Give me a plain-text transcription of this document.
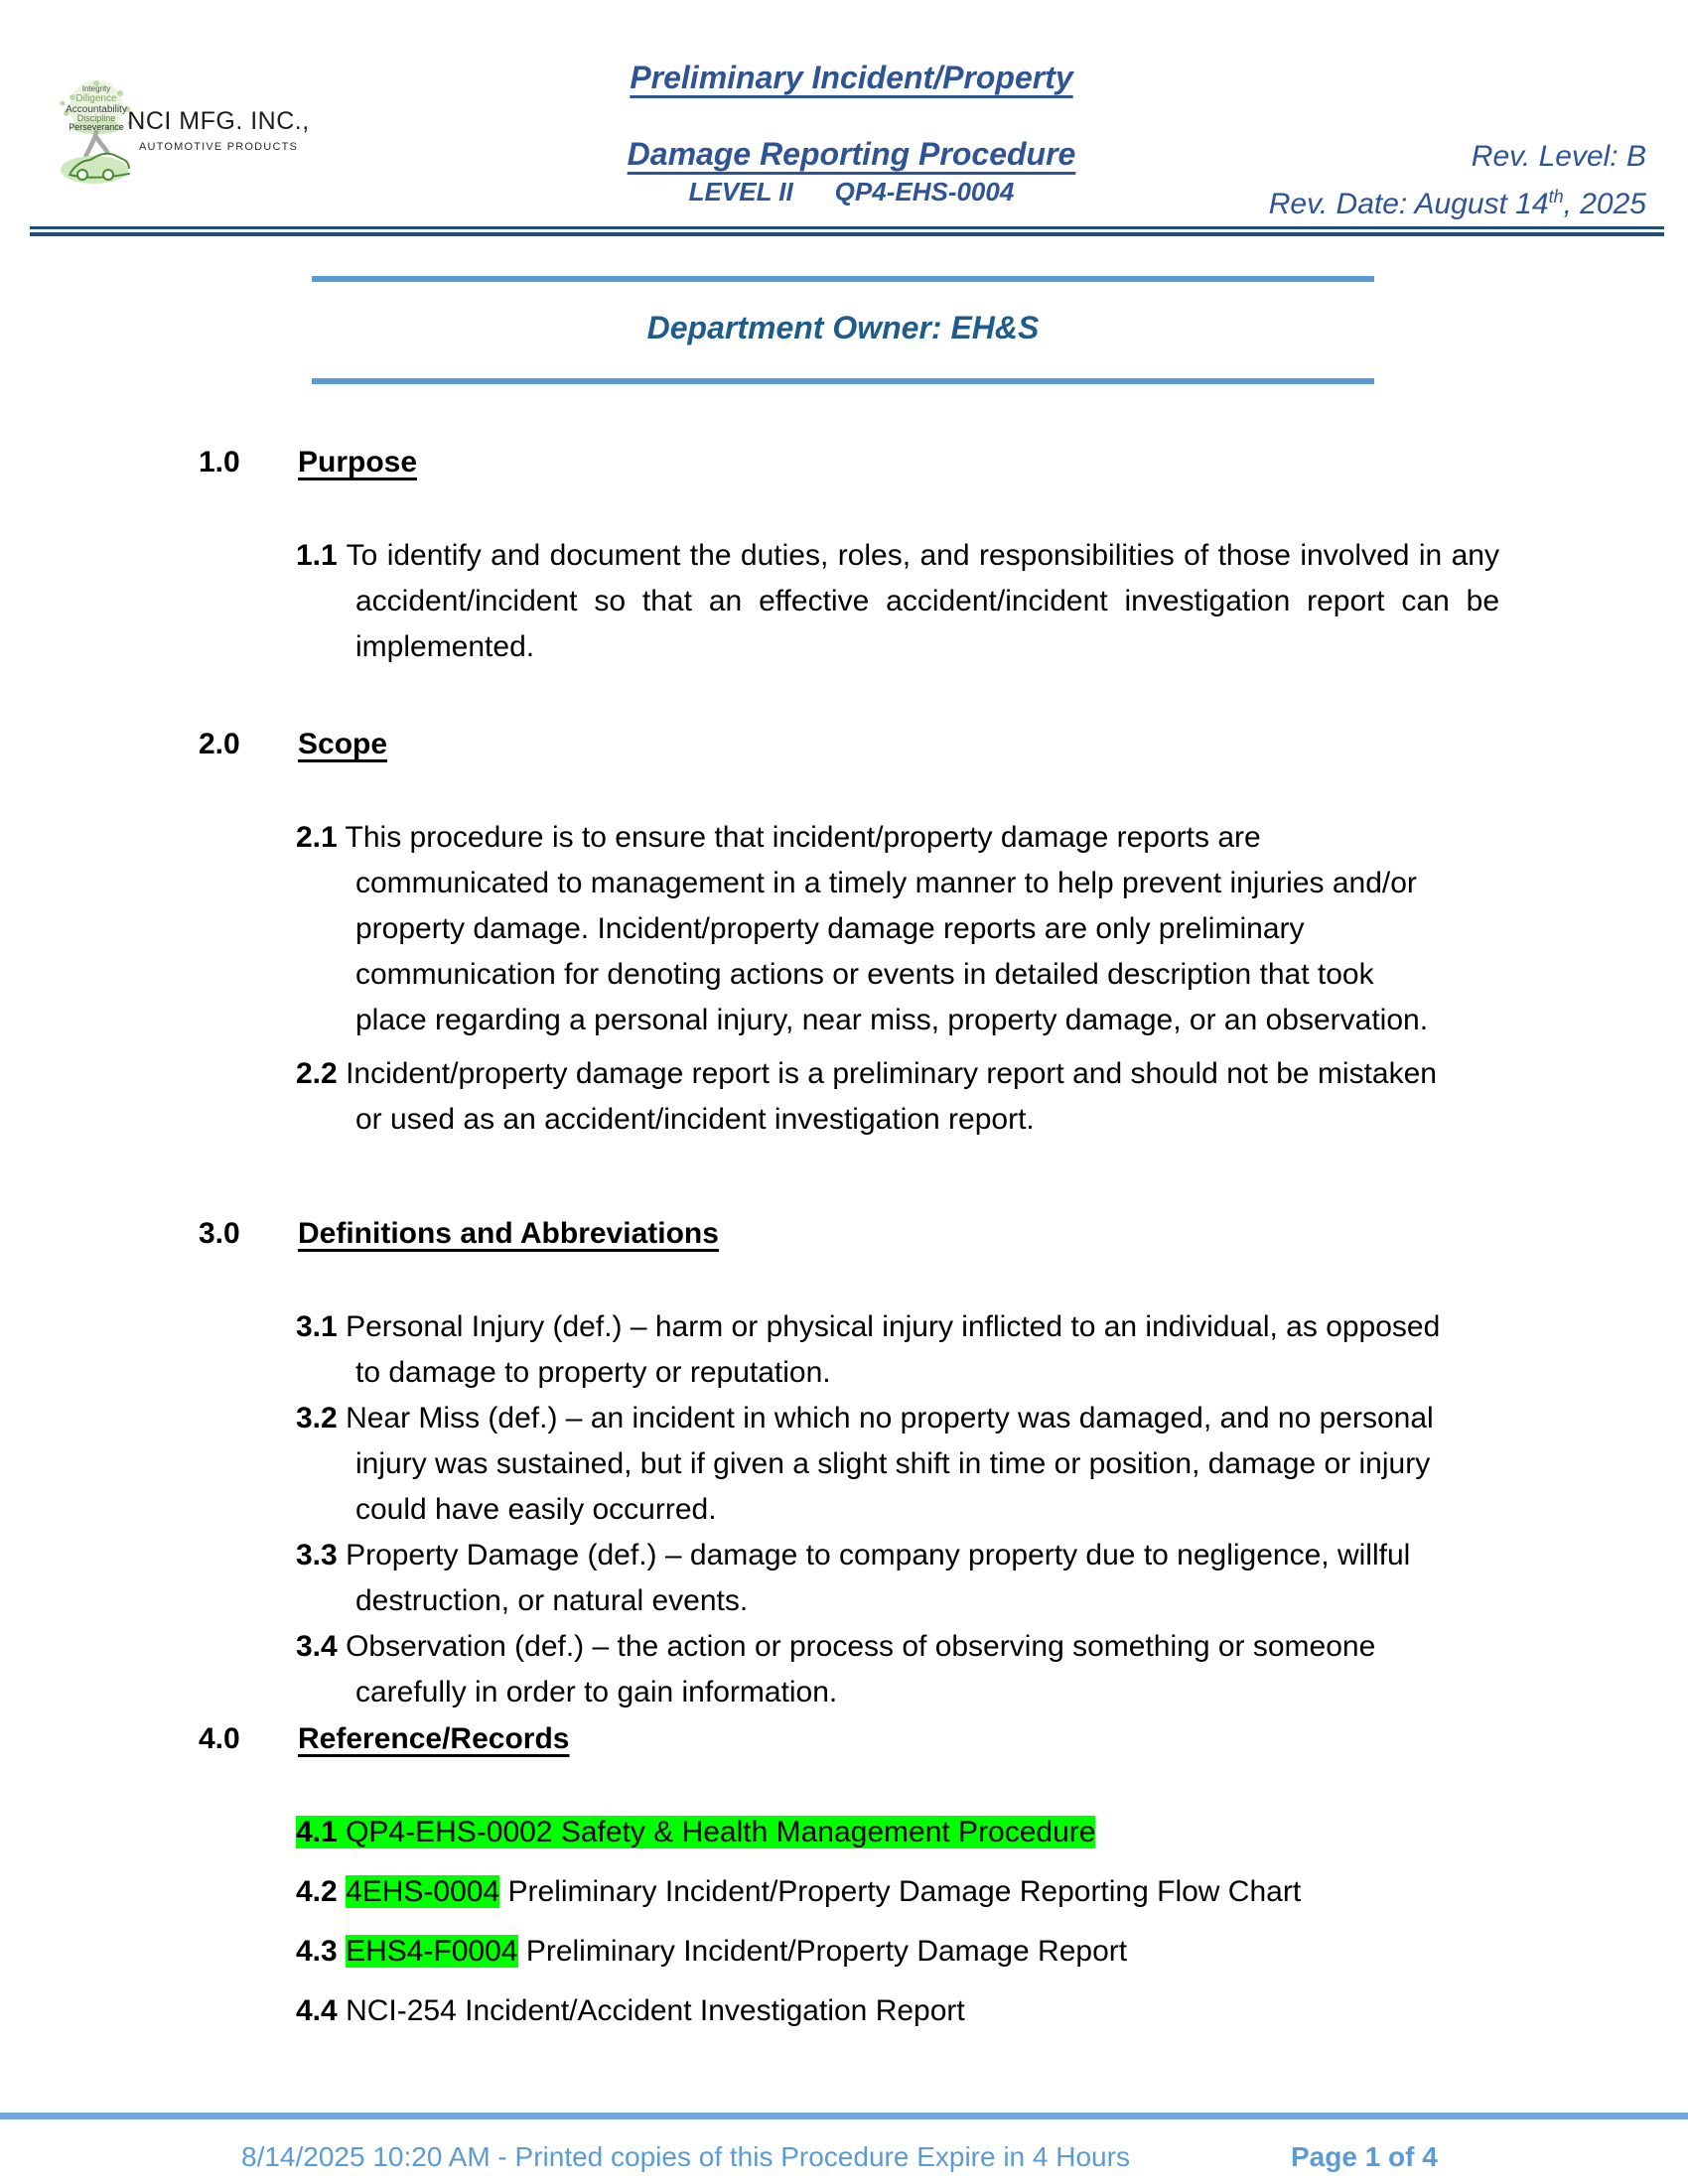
Integrity
Diligence
Accountability
Discipline
Perseverance NCI MFG. INC.,
AUTOMOTIVE PRODUCTS
Preliminary Incident/Property
Damage Reporting Procedure
LEVEL II QP4-EHS-0004
Rev. Level: B
Rev. Date: August 14th, 2025
Department Owner: EH&S
1.0 Purpose
1.1 To identify and document the duties, roles, and responsibilities of those involved in any accident/incident so that an effective accident/incident investigation report can be implemented.
2.0 Scope
2.1 This procedure is to ensure that incident/property damage reports are communicated to management in a timely manner to help prevent injuries and/or property damage. Incident/property damage reports are only preliminary communication for denoting actions or events in detailed description that took place regarding a personal injury, near miss, property damage, or an observation.
2.2 Incident/property damage report is a preliminary report and should not be mistaken or used as an accident/incident investigation report.
3.0 Definitions and Abbreviations
3.1 Personal Injury (def.) – harm or physical injury inflicted to an individual, as opposed to damage to property or reputation.
3.2 Near Miss (def.) – an incident in which no property was damaged, and no personal injury was sustained, but if given a slight shift in time or position, damage or injury could have easily occurred.
3.3 Property Damage (def.) – damage to company property due to negligence, willful destruction, or natural events.
3.4 Observation (def.) – the action or process of observing something or someone carefully in order to gain information.
4.0 Reference/Records
4.1 QP4-EHS-0002 Safety & Health Management Procedure
4.2 4EHS-0004 Preliminary Incident/Property Damage Reporting Flow Chart
4.3 EHS4-F0004 Preliminary Incident/Property Damage Report
4.4 NCI-254 Incident/Accident Investigation Report
8/14/2025 10:20 AM - Printed copies of this Procedure Expire in 4 Hours	Page 1 of 4
